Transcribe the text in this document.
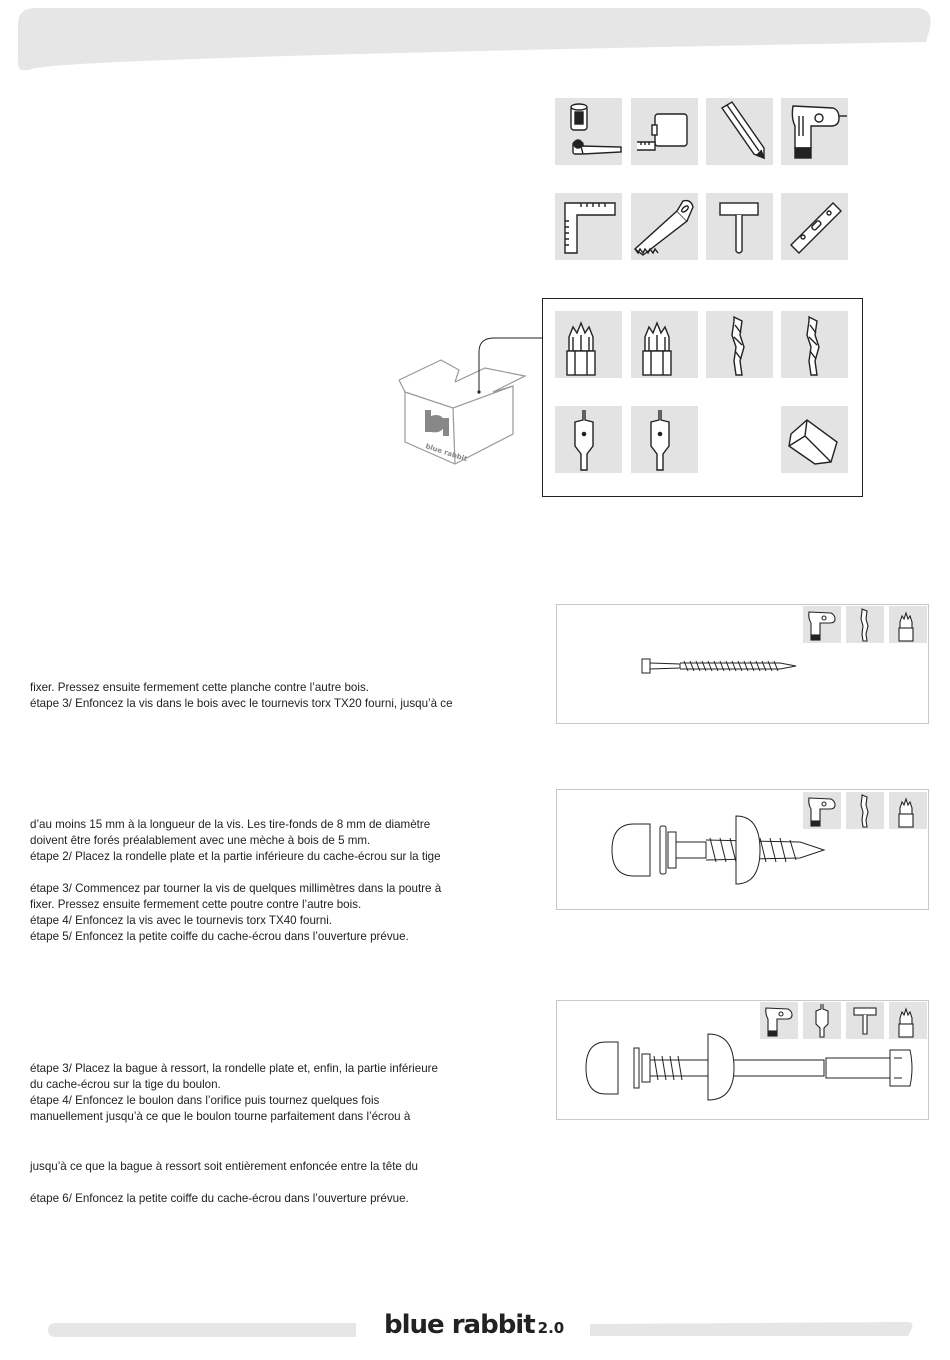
blue rabbit
fixer. Pressez ensuite fermement cette planche contre l’autre bois.
étape 3/ Enfoncez la vis dans le bois avec le tournevis torx TX20 fourni, jusqu’à ce
d’au moins 15 mm à la longueur de la vis. Les tire-fonds de 8 mm de diamètre
doivent être forés préalablement avec une mèche à bois de 5 mm.
étape 2/ Placez la rondelle plate et la partie inférieure du cache-écrou sur la tige
étape 3/ Commencez par tourner la vis de quelques millimètres dans la poutre à
fixer. Pressez ensuite fermement cette poutre contre l’autre bois.
étape 4/ Enfoncez la vis avec le tournevis torx TX40 fourni.
étape 5/ Enfoncez la petite coiffe du cache-écrou dans l’ouverture prévue.
étape 3/ Placez la bague à ressort, la rondelle plate et, enfin, la partie inférieure
du cache-écrou sur la tige du boulon.
étape 4/ Enfoncez le boulon dans l’orifice puis tournez quelques fois
manuellement jusqu’à ce que le boulon tourne parfaitement dans l’écrou à
jusqu’à ce que la bague à ressort soit entièrement enfoncée entre la tête du
étape 6/ Enfoncez la petite coiffe du cache-écrou dans l’ouverture prévue.
blue rabbit 2.0
